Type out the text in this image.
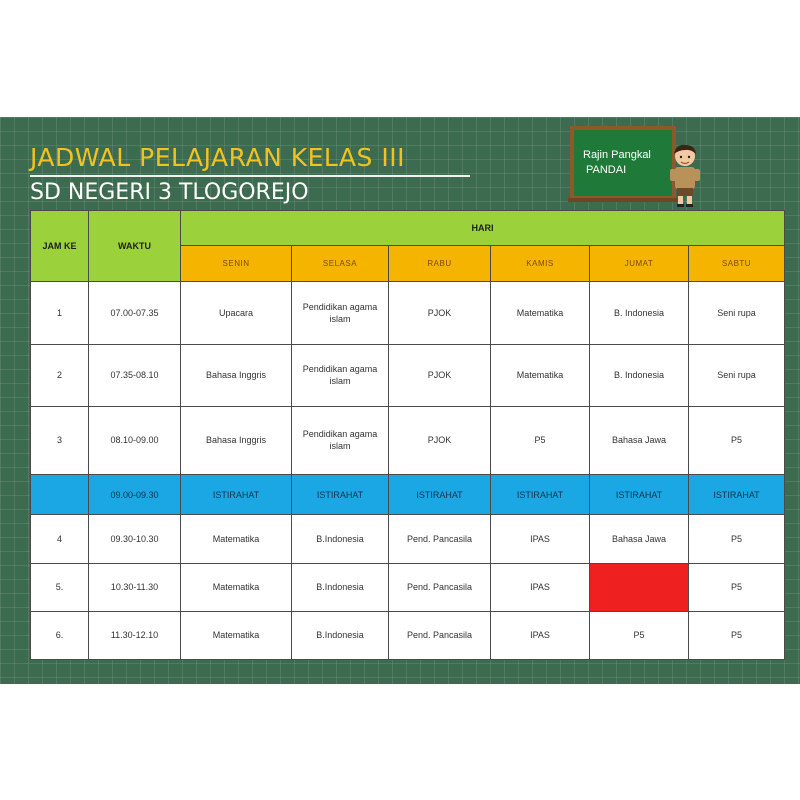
JADWAL PELAJARAN KELAS III
SD NEGERI 3 TLOGOREJO
Rajin Pangkal
PANDAI
JAM KE	WAKTU	HARI					
		SENIN	SELASA	RABU	KAMIS	JUMAT	SABTU
1	07.00-07.35	Upacara	Pendidikan agama islam	PJOK	Matematika	B. Indonesia	Seni rupa
2	07.35-08.10	Bahasa Inggris	Pendidikan agama islam	PJOK	Matematika	B. Indonesia	Seni rupa
3	08.10-09.00	Bahasa Inggris	Pendidikan agama islam	PJOK	P5	Bahasa Jawa	P5
	09.00-09.30	ISTIRAHAT	ISTIRAHAT	ISTIRAHAT	ISTIRAHAT	ISTIRAHAT	ISTIRAHAT
4	09.30-10.30	Matematika	B.Indonesia	Pend. Pancasila	IPAS	Bahasa Jawa	P5
5.	10.30-11.30	Matematika	B.Indonesia	Pend. Pancasila	IPAS		P5
6.	11.30-12.10	Matematika	B.Indonesia	Pend. Pancasila	IPAS	P5	P5
